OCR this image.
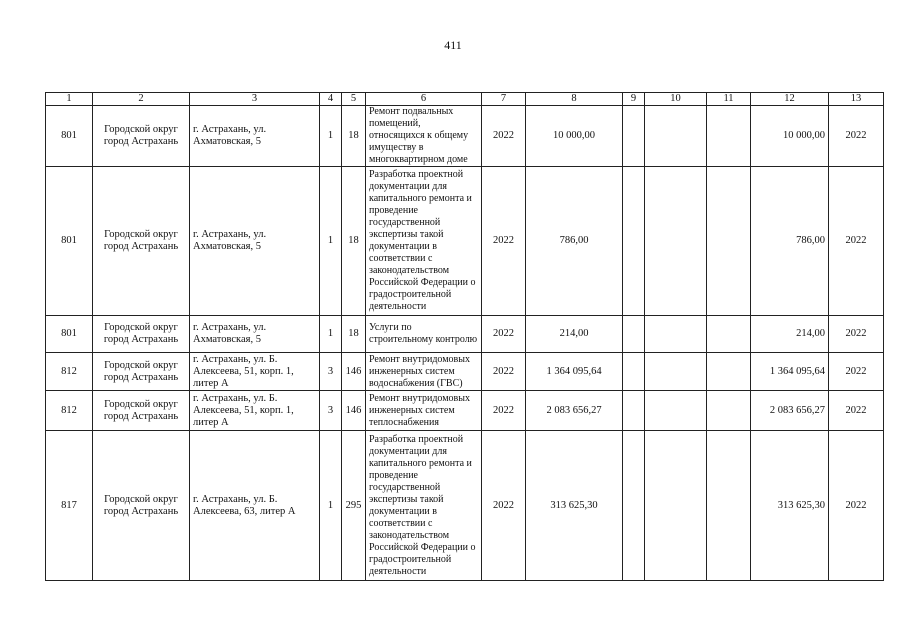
411
1	2	3	4	5	6	7	8	9	10	11	12	13
801	Городской округ город Астрахань	г. Астрахань, ул. Ахматовская, 5	1	18	Ремонт подвальных помещений, относящихся к общему имуществу в многоквартирном доме	2022	10 000,00				10 000,00	2022
801	Городской округ город Астрахань	г. Астрахань, ул. Ахматовская, 5	1	18	Разработка проектной документации для капитального ремонта и проведение государственной экспертизы такой документации в соответствии с законодательством Российской Федерации о градостроительной деятельности	2022	786,00				786,00	2022
801	Городской округ город Астрахань	г. Астрахань, ул. Ахматовская, 5	1	18	Услуги по строительному контролю	2022	214,00				214,00	2022
812	Городской округ город Астрахань	г. Астрахань, ул. Б. Алексеева, 51, корп. 1, литер А	3	146	Ремонт внутридомовых инженерных систем водоснабжения (ГВС)	2022	1 364 095,64				1 364 095,64	2022
812	Городской округ город Астрахань	г. Астрахань, ул. Б. Алексеева, 51, корп. 1, литер А	3	146	Ремонт внутридомовых инженерных систем теплоснабжения	2022	2 083 656,27				2 083 656,27	2022
817	Городской округ город Астрахань	г. Астрахань, ул. Б. Алексеева, 63, литер А	1	295	Разработка проектной документации для капитального ремонта и проведение государственной экспертизы такой документации в соответствии с законодательством Российской Федерации о градостроительной деятельности	2022	313 625,30				313 625,30	2022
